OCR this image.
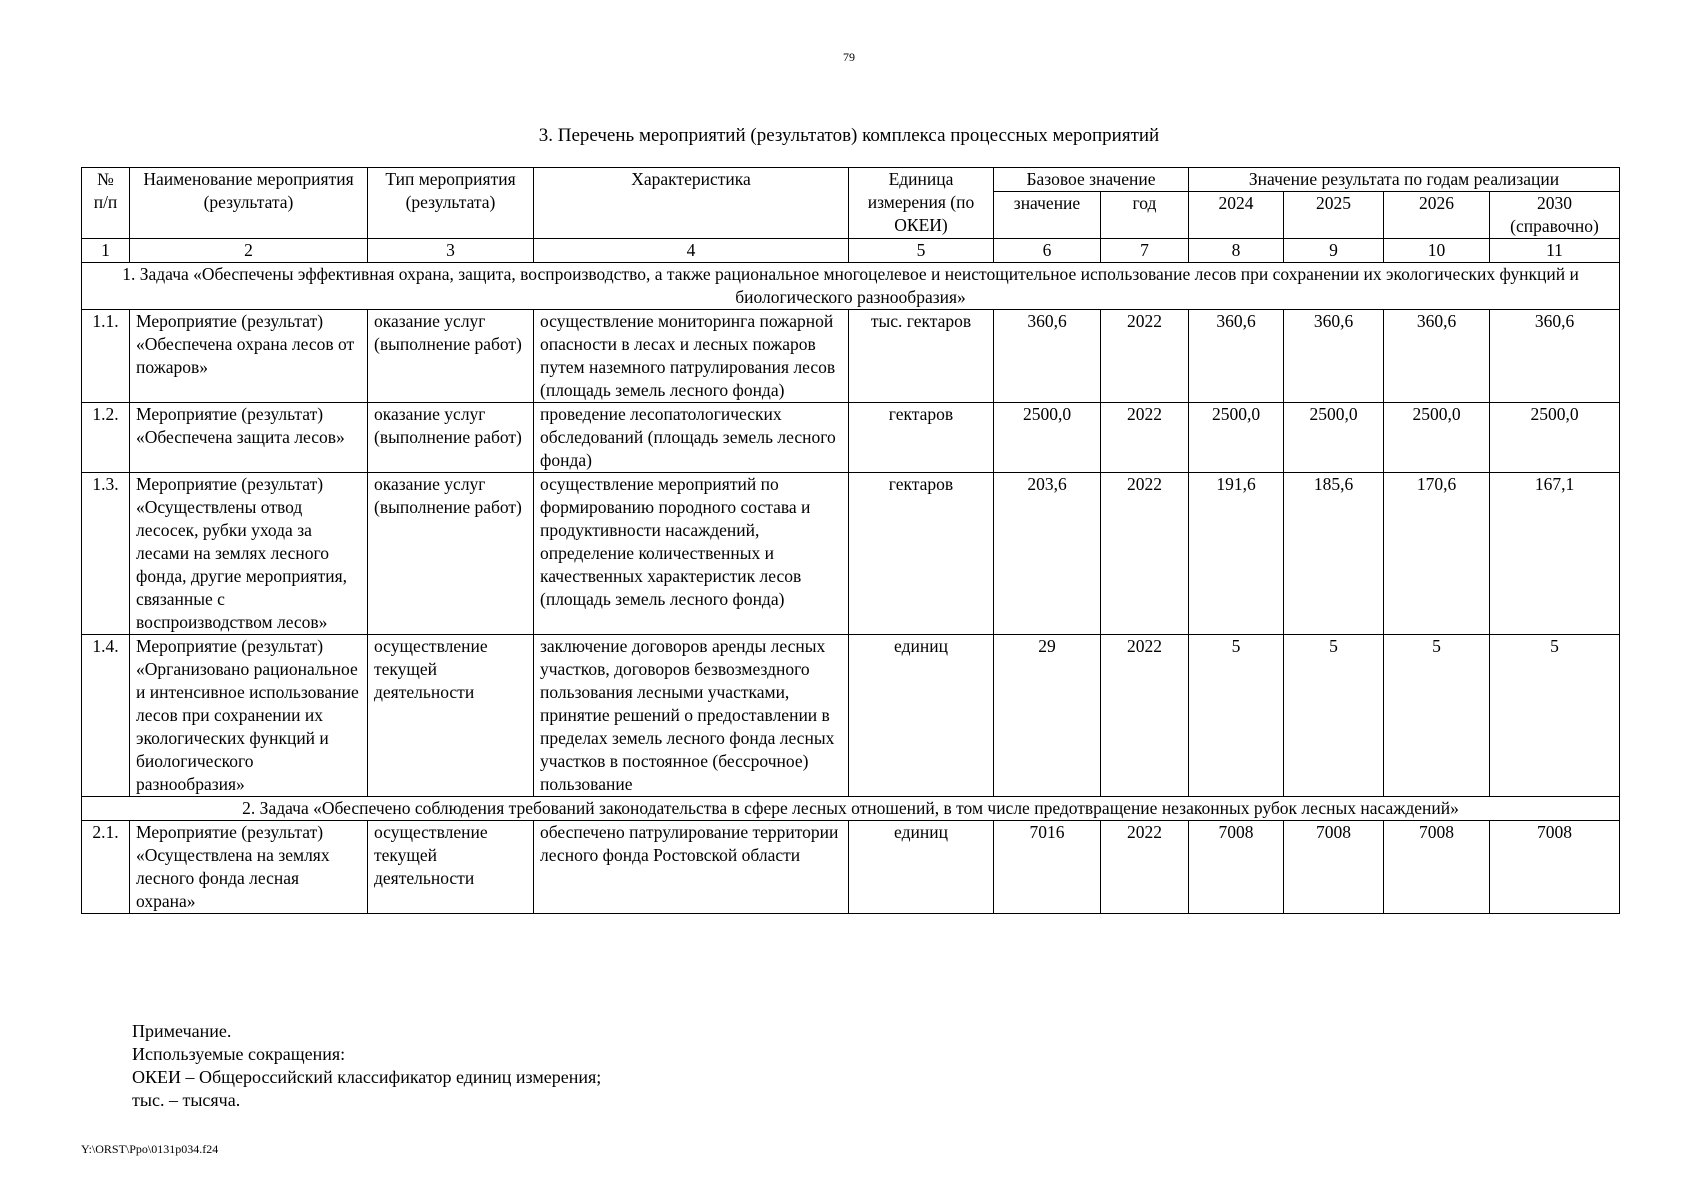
79
3. Перечень мероприятий (результатов) комплекса процессных мероприятий
№ п/п	Наименование мероприятия (результата)	Тип мероприятия (результата)	Характеристика	Единица измерения (по ОКЕИ)	Базовое значение		Значение результата по годам реализации			
					значение	год	2024	2025	2026	2030 (справочно)
1	2	3	4	5	6	7	8	9	10	11
1. Задача «Обеспечены эффективная охрана, защита, воспроизводство, а также рациональное многоцелевое и неистощительное использование лесов при сохранении их экологических функций и биологического разнообразия»										
1.1.	Мероприятие (результат) «Обеспечена охрана лесов от пожаров»	оказание услуг (выполнение работ)	осуществление мониторинга пожарной опасности в лесах и лесных пожаров путем наземного патрулирования лесов (площадь земель лесного фонда)	тыс. гектаров	360,6	2022	360,6	360,6	360,6	360,6
1.2.	Мероприятие (результат) «Обеспечена защита лесов»	оказание услуг (выполнение работ)	проведение лесопатологических обследований (площадь земель лесного фонда)	гектаров	2500,0	2022	2500,0	2500,0	2500,0	2500,0
1.3.	Мероприятие (результат) «Осуществлены отвод лесосек, рубки ухода за лесами на землях лесного фонда, другие мероприятия, связанные с воспроизводством лесов»	оказание услуг (выполнение работ)	осуществление мероприятий по формированию породного состава и продуктивности насаждений, определение количественных и качественных характеристик лесов (площадь земель лесного фонда)	гектаров	203,6	2022	191,6	185,6	170,6	167,1
1.4.	Мероприятие (результат) «Организовано рациональное и интенсивное использование лесов при сохранении их экологических функций и биологического разнообразия»	осуществление текущей деятельности	заключение договоров аренды лесных участков, договоров безвозмездного пользования лесными участками, принятие решений о предоставлении в пределах земель лесного фонда лесных участков в постоянное (бессрочное) пользование	единиц	29	2022	5	5	5	5
2. Задача «Обеспечено соблюдения требований законодательства в сфере лесных отношений, в том числе предотвращение незаконных рубок лесных насаждений»										
2.1.	Мероприятие (результат) «Осуществлена на землях лесного фонда лесная охрана»	осуществление текущей деятельности	обеспечено патрулирование территории лесного фонда Ростовской области	единиц	7016	2022	7008	7008	7008	7008
Примечание.
Используемые сокращения:
ОКЕИ – Общероссийский классификатор единиц измерения;
тыс. – тысяча.
Y:\ORST\Ppo\0131p034.f24
